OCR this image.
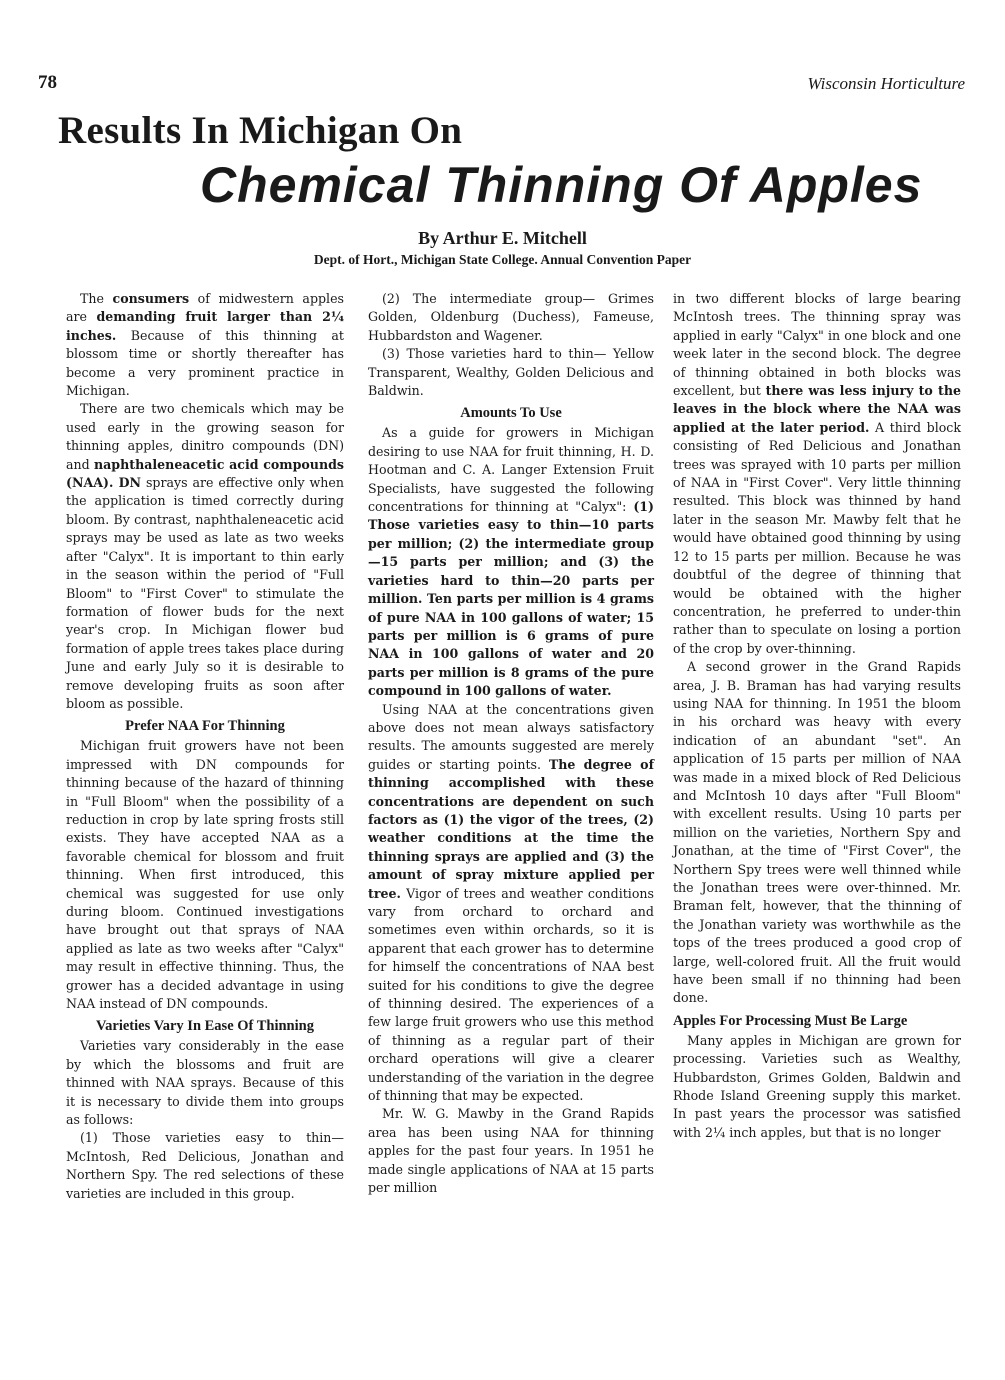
78	Wisconsin Horticulture
Results In Michigan On
Chemical Thinning Of Apples
By Arthur E. Mitchell
Dept. of Hort., Michigan State College. Annual Convention Paper

The consumers of midwestern apples are demanding fruit larger than 2¼ inches. Because of this thinning at blossom time or shortly thereafter has become a very prominent practice in Michigan.

There are two chemicals which may be used early in the growing season for thinning apples, dinitro compounds (DN) and naphthaleneacetic acid compounds (NAA). DN sprays are effective only when the application is timed correctly during bloom. By contrast, naphthaleneacetic acid sprays may be used as late as two weeks after "Calyx". It is important to thin early in the season within the period of "Full Bloom" to "First Cover" to stimulate the formation of flower buds for the next year's crop. In Michigan flower bud formation of apple trees takes place during June and early July so it is desirable to remove developing fruits as soon after bloom as possible.

Prefer NAA For Thinning

Michigan fruit growers have not been impressed with DN compounds for thinning because of the hazard of thinning in "Full Bloom" when the possibility of a reduction in crop by late spring frosts still exists. They have accepted NAA as a favorable chemical for blossom and fruit thinning. When first introduced, this chemical was suggested for use only during bloom. Continued investigations have brought out that sprays of NAA applied as late as two weeks after "Calyx" may result in effective thinning. Thus, the grower has a decided advantage in using NAA instead of DN compounds.

Varieties Vary In Ease Of Thinning

Varieties vary considerably in the ease by which the blossoms and fruit are thinned with NAA sprays. Because of this it is necessary to divide them into groups as follows:

(1) Those varieties easy to thin— McIntosh, Red Delicious, Jonathan and Northern Spy. The red selections of these varieties are included in this group.

(2) The intermediate group— Grimes Golden, Oldenburg (Duchess), Fameuse, Hubbardston and Wagener.

(3) Those varieties hard to thin— Yellow Transparent, Wealthy, Golden Delicious and Baldwin.

Amounts To Use

As a guide for growers in Michigan desiring to use NAA for fruit thinning, H. D. Hootman and C. A. Langer Extension Fruit Specialists, have suggested the following concentrations for thinning at "Calyx": (1) Those varieties easy to thin—10 parts per million; (2) the intermediate group—15 parts per million; and (3) the varieties hard to thin—20 parts per million. Ten parts per million is 4 grams of pure NAA in 100 gallons of water; 15 parts per million is 6 grams of pure NAA in 100 gallons of water and 20 parts per million is 8 grams of the pure compound in 100 gallons of water.

Using NAA at the concentrations given above does not mean always satisfactory results. The amounts suggested are merely guides or starting points. The degree of thinning accomplished with these concentrations are dependent on such factors as (1) the vigor of the trees, (2) weather conditions at the time the thinning sprays are applied and (3) the amount of spray mixture applied per tree. Vigor of trees and weather conditions vary from orchard to orchard and sometimes even within orchards, so it is apparent that each grower has to determine for himself the concentrations of NAA best suited for his conditions to give the degree of thinning desired. The experiences of a few large fruit growers who use this method of thinning as a regular part of their orchard operations will give a clearer understanding of the variation in the degree of thinning that may be expected.

Mr. W. G. Mawby in the Grand Rapids area has been using NAA for thinning apples for the past four years. In 1951 he made single applications of NAA at 15 parts per million

in two different blocks of large bearing McIntosh trees. The thinning spray was applied in early "Calyx" in one block and one week later in the second block. The degree of thinning obtained in both blocks was excellent, but there was less injury to the leaves in the block where the NAA was applied at the later period. A third block consisting of Red Delicious and Jonathan trees was sprayed with 10 parts per million of NAA in "First Cover". Very little thinning resulted. This block was thinned by hand later in the season Mr. Mawby felt that he would have obtained good thinning by using 12 to 15 parts per million. Because he was doubtful of the degree of thinning that would be obtained with the higher concentration, he preferred to under-thin rather than to speculate on losing a portion of the crop by over-thinning.

A second grower in the Grand Rapids area, J. B. Braman has had varying results using NAA for thinning. In 1951 the bloom in his orchard was heavy with every indication of an abundant "set". An application of 15 parts per million of NAA was made in a mixed block of Red Delicious and McIntosh 10 days after "Full Bloom" with excellent results. Using 10 parts per million on the varieties, Northern Spy and Jonathan, at the time of "First Cover", the Northern Spy trees were well thinned while the Jonathan trees were over-thinned. Mr. Braman felt, however, that the thinning of the Jonathan variety was worthwhile as the tops of the trees produced a good crop of large, well-colored fruit. All the fruit would have been small if no thinning had been done.

Apples For Processing Must Be Large

Many apples in Michigan are grown for processing. Varieties such as Wealthy, Hubbardston, Grimes Golden, Baldwin and Rhode Island Greening supply this market. In past years the processor was satisfied with 2¼ inch apples, but that is no longer
